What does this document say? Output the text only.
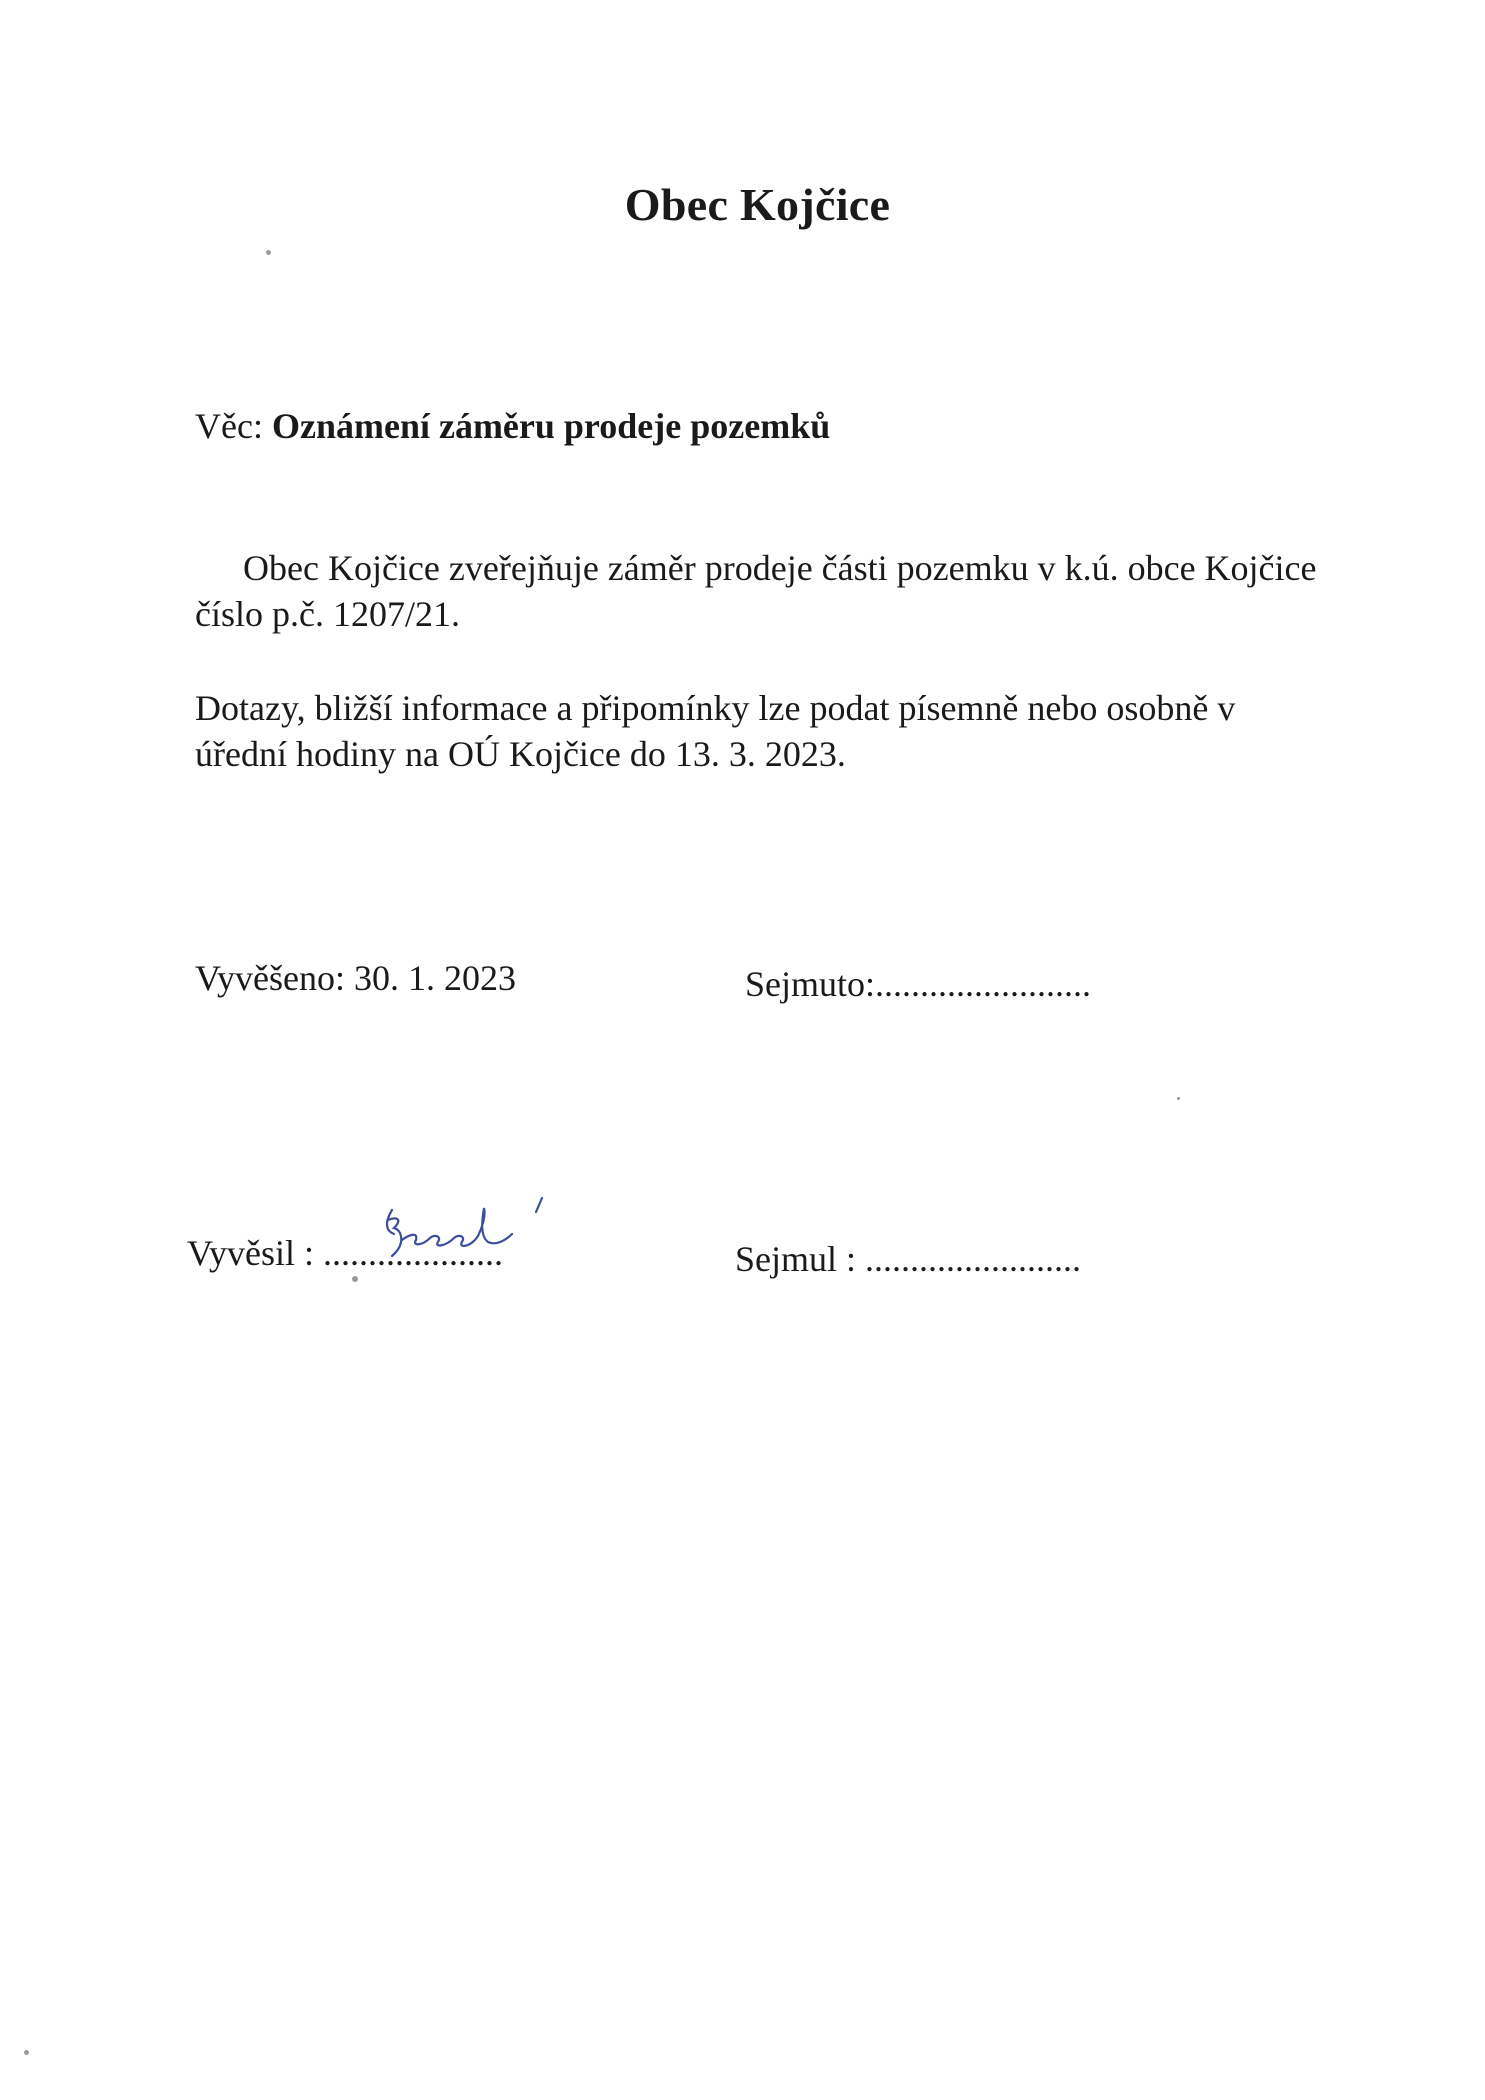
Obec Kojčice
Věc: Oznámení záměru prodeje pozemků
Obec Kojčice zveřejňuje záměr prodeje části pozemku v k.ú. obce Kojčice číslo p.č. 1207/21.
Dotazy, bližší informace a připomínky lze podat písemně nebo osobně v úřední hodiny na OÚ Kojčice do 13. 3. 2023.
Vyvěšeno: 30. 1. 2023	Sejmuto:........................
Vyvěsil : ....................	Sejmul : ........................
